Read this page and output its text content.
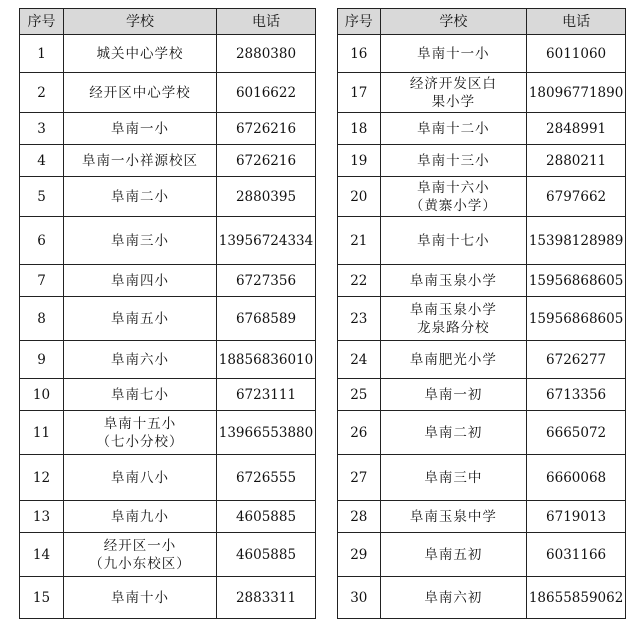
序号	学校	电话
1	城关中心学校	2880380
2	经开区中心学校	6016622
3	阜南一小	6726216
4	阜南一小祥源校区	6726216
5	阜南二小	2880395
6	阜南三小	13956724334
7	阜南四小	6727356
8	阜南五小	6768589
9	阜南六小	18856836010
10	阜南七小	6723111
11	阜南十五小
（七小分校）	13966553880
12	阜南八小	6726555
13	阜南九小	4605885
14	经开区一小
（九小东校区）	4605885
15	阜南十小	2883311
序号	学校	电话
16	阜南十一小	6011060
17	经济开发区白
果小学	18096771890
18	阜南十二小	2848991
19	阜南十三小	2880211
20	阜南十六小
（黄寨小学）	6797662
21	阜南十七小	15398128989
22	阜南玉泉小学	15956868605
23	阜南玉泉小学
龙泉路分校	15956868605
24	阜南肥光小学	6726277
25	阜南一初	6713356
26	阜南二初	6665072
27	阜南三中	6660068
28	阜南玉泉中学	6719013
29	阜南五初	6031166
30	阜南六初	18655859062
